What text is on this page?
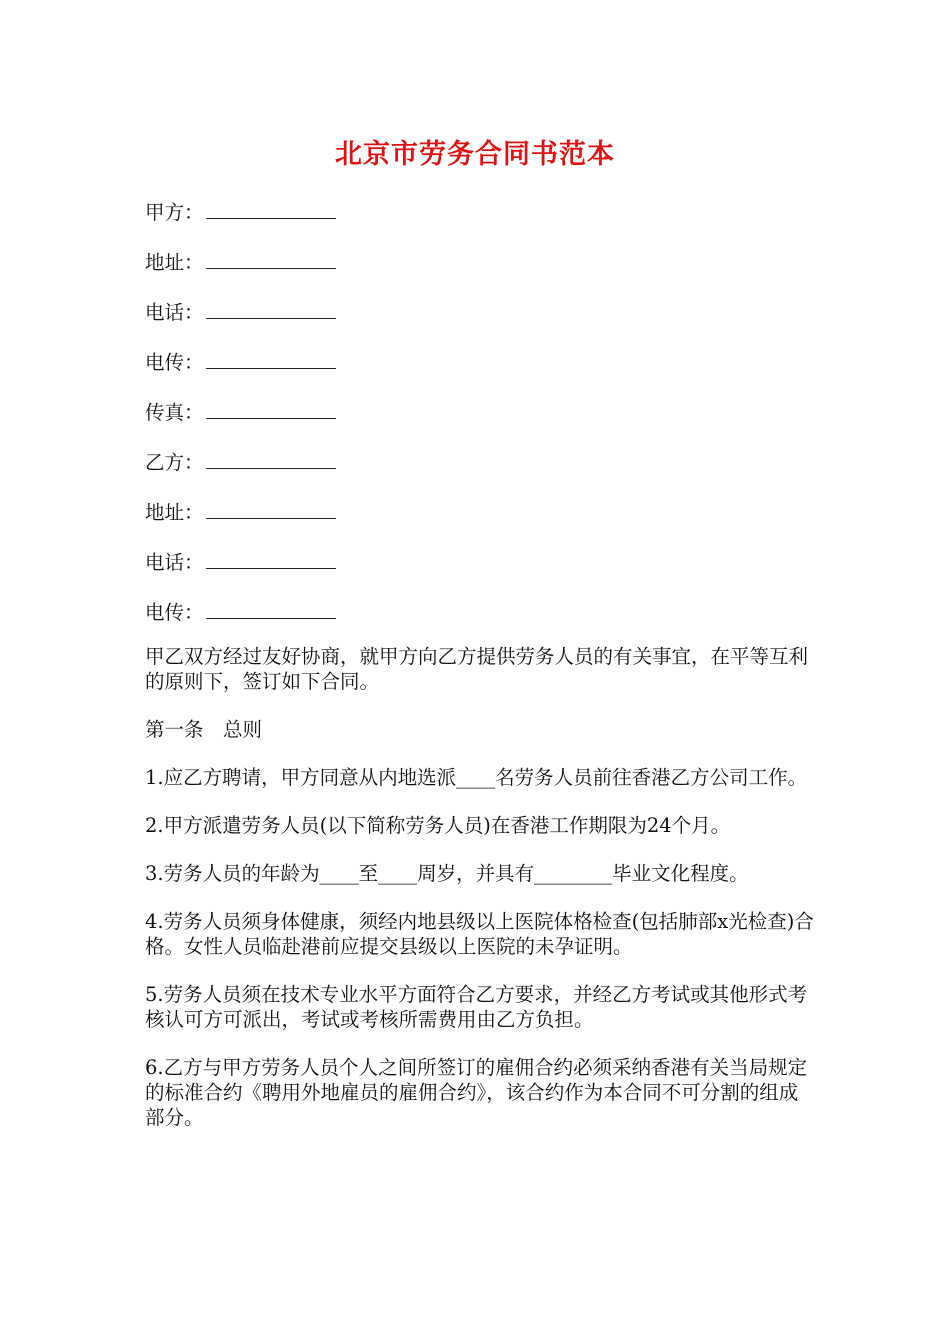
北京市劳务合同书范本
甲方：
地址：
电话：
电传：
传真：
乙方：
地址：
电话：
电传：

甲乙双方经过友好协商，就甲方向乙方提供劳务人员的有关事宜，在平等互利的原则下，签订如下合同。

第一条　总则

1.应乙方聘请，甲方同意从内地选派____名劳务人员前往香港乙方公司工作。

2.甲方派遣劳务人员(以下简称劳务人员)在香港工作期限为24个月。

3.劳务人员的年龄为____至____周岁，并具有________毕业文化程度。

4.劳务人员须身体健康，须经内地县级以上医院体格检查(包括肺部x光检查)合格。女性人员临赴港前应提交县级以上医院的未孕证明。

5.劳务人员须在技术专业水平方面符合乙方要求，并经乙方考试或其他形式考核认可方可派出，考试或考核所需费用由乙方负担。

6.乙方与甲方劳务人员个人之间所签订的雇佣合约必须采纳香港有关当局规定的标准合约《聘用外地雇员的雇佣合约》，该合约作为本合同不可分割的组成部分。
